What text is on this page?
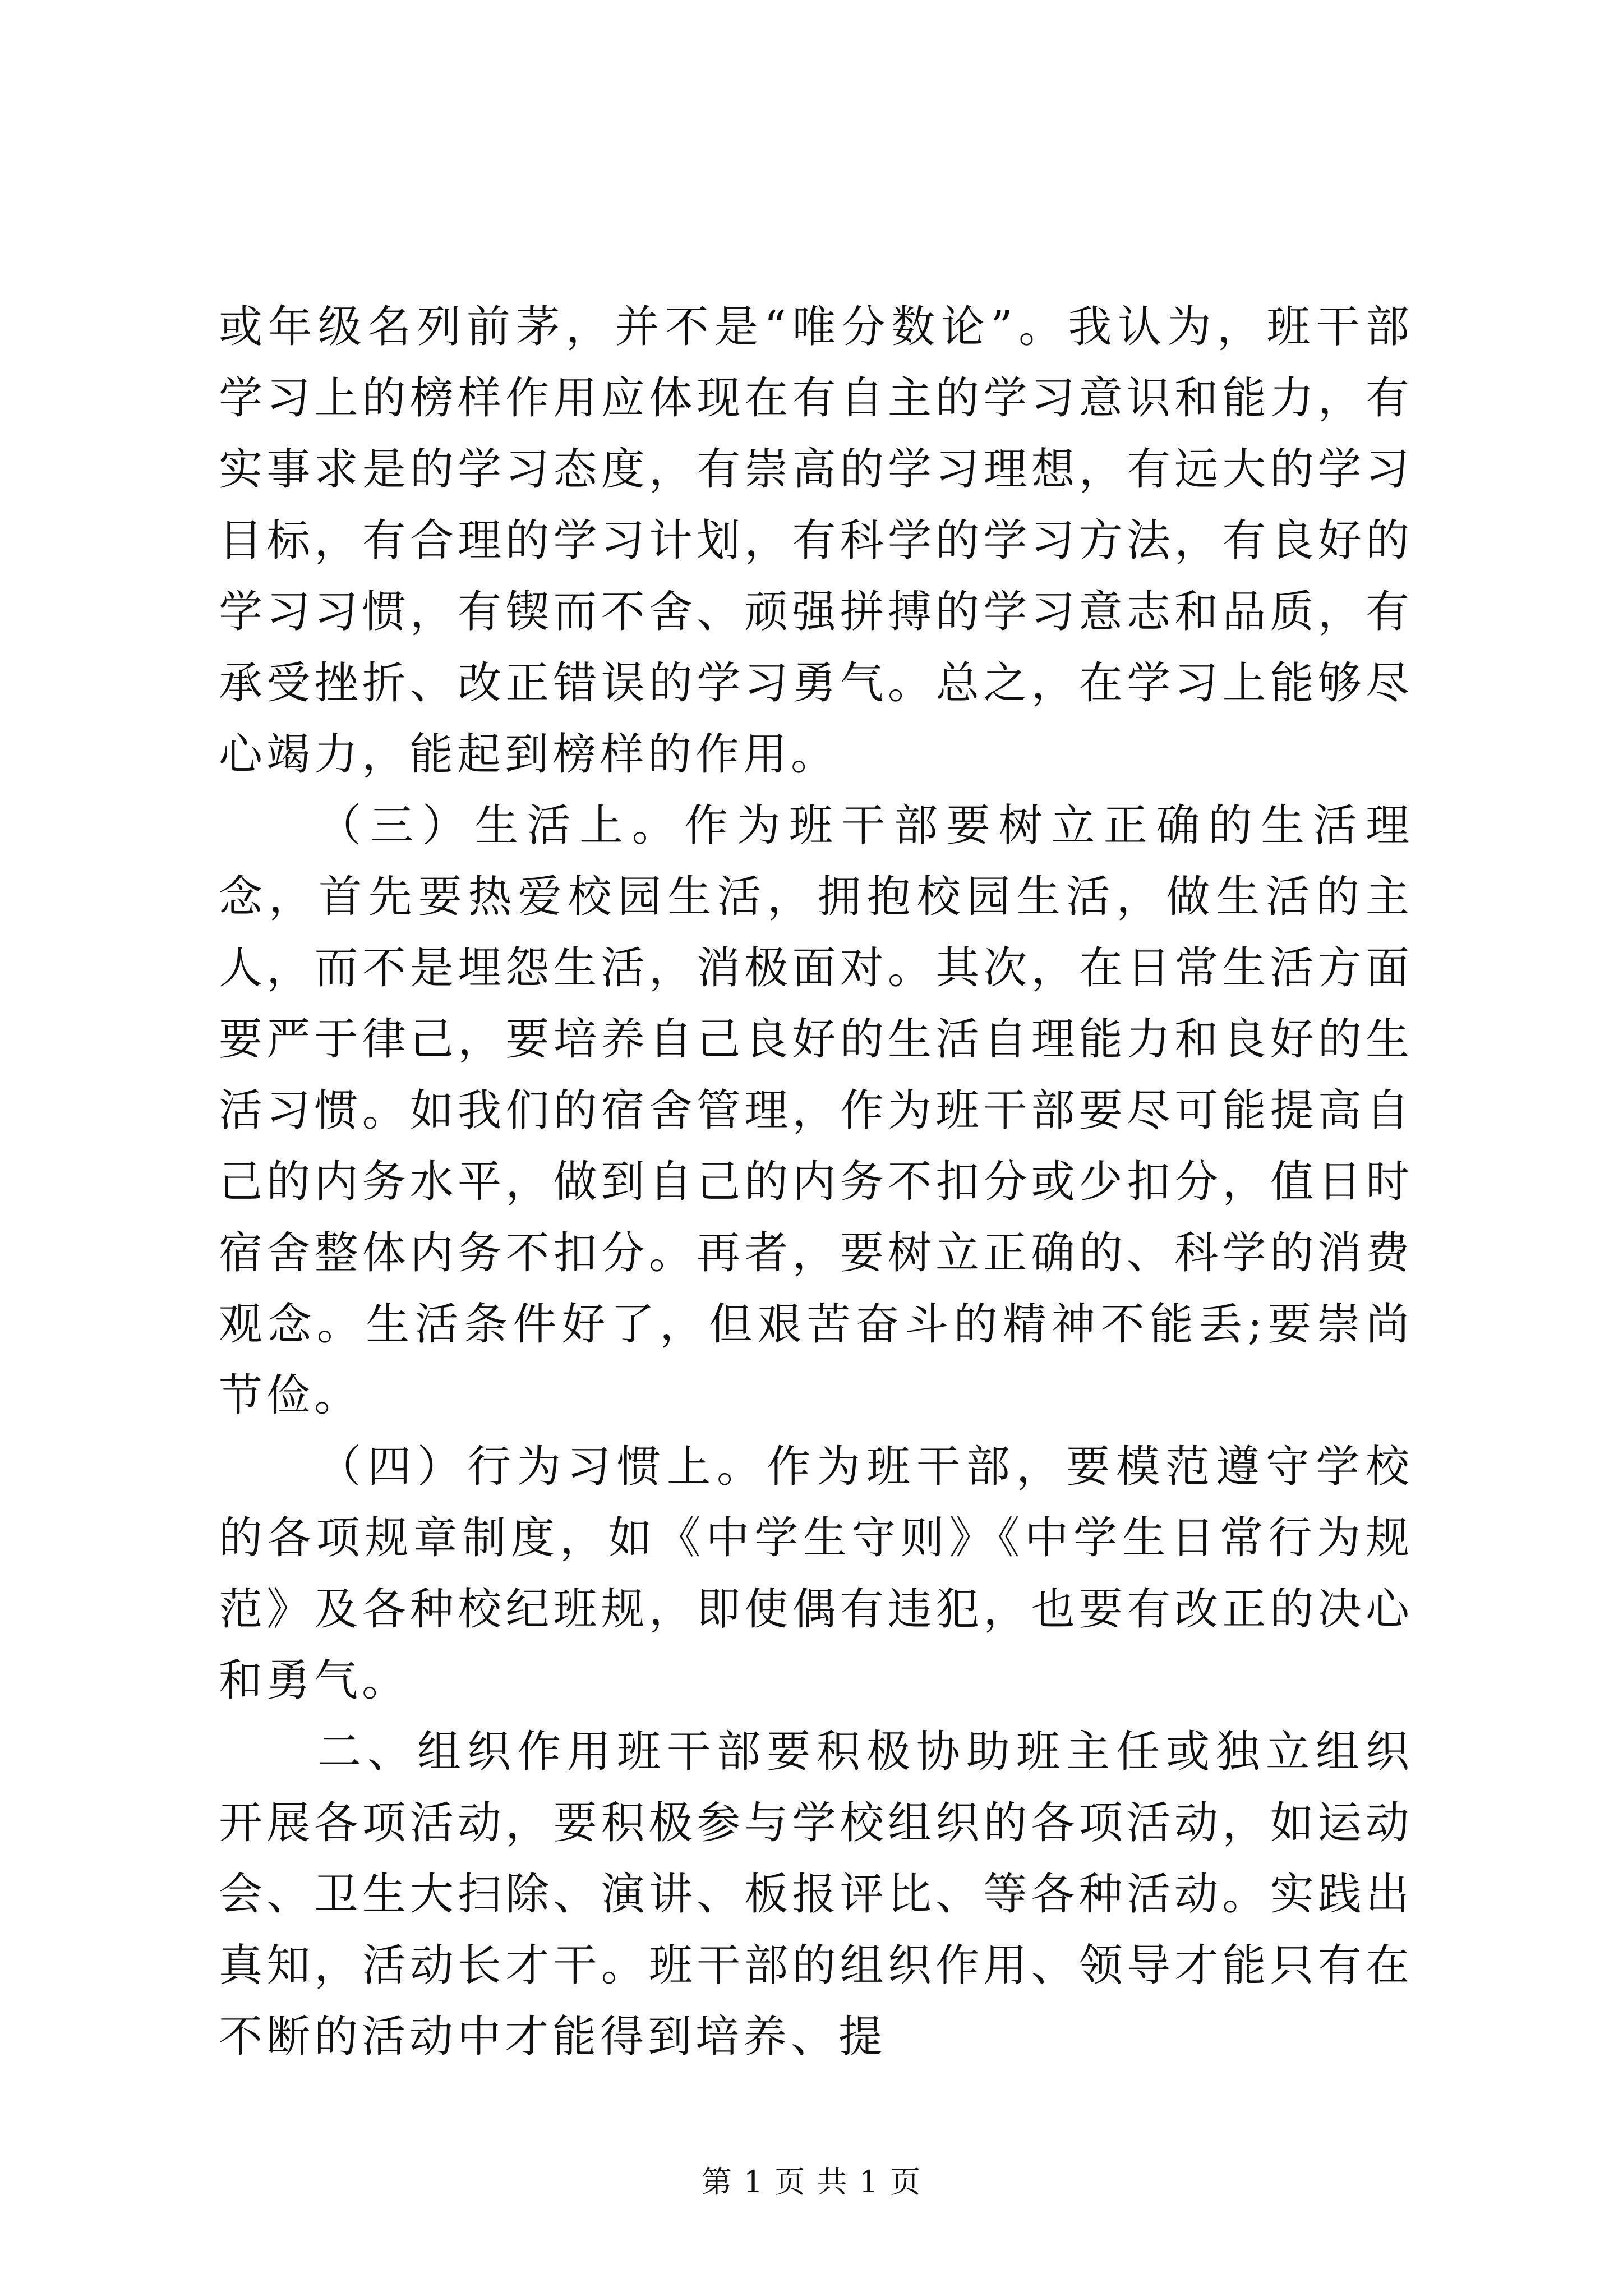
或年级名列前茅，并不是“唯分数论”。我认为，班干部学习上的榜样作用应体现在有自主的学习意识和能力，有实事求是的学习态度，有崇高的学习理想，有远大的学习目标，有合理的学习计划，有科学的学习方法，有良好的学习习惯，有锲而不舍、顽强拼搏的学习意志和品质，有承受挫折、改正错误的学习勇气。总之，在学习上能够尽心竭力，能起到榜样的作用。

（三）生活上。作为班干部要树立正确的生活理念，首先要热爱校园生活，拥抱校园生活，做生活的主人，而不是埋怨生活，消极面对。其次，在日常生活方面要严于律己，要培养自己良好的生活自理能力和良好的生活习惯。如我们的宿舍管理，作为班干部要尽可能提高自己的内务水平，做到自己的内务不扣分或少扣分，值日时宿舍整体内务不扣分。再者，要树立正确的、科学的消费观念。生活条件好了，但艰苦奋斗的精神不能丢;要崇尚节俭。

（四）行为习惯上。作为班干部，要模范遵守学校的各项规章制度，如《中学生守则》《中学生日常行为规范》及各种校纪班规，即使偶有违犯，也要有改正的决心和勇气。

二、组织作用班干部要积极协助班主任或独立组织开展各项活动，要积极参与学校组织的各项活动，如运动会、卫生大扫除、演讲、板报评比、等各种活动。实践出真知，活动长才干。班干部的组织作用、领导才能只有在不断的活动中才能得到培养、提

第 1 页 共 1 页
